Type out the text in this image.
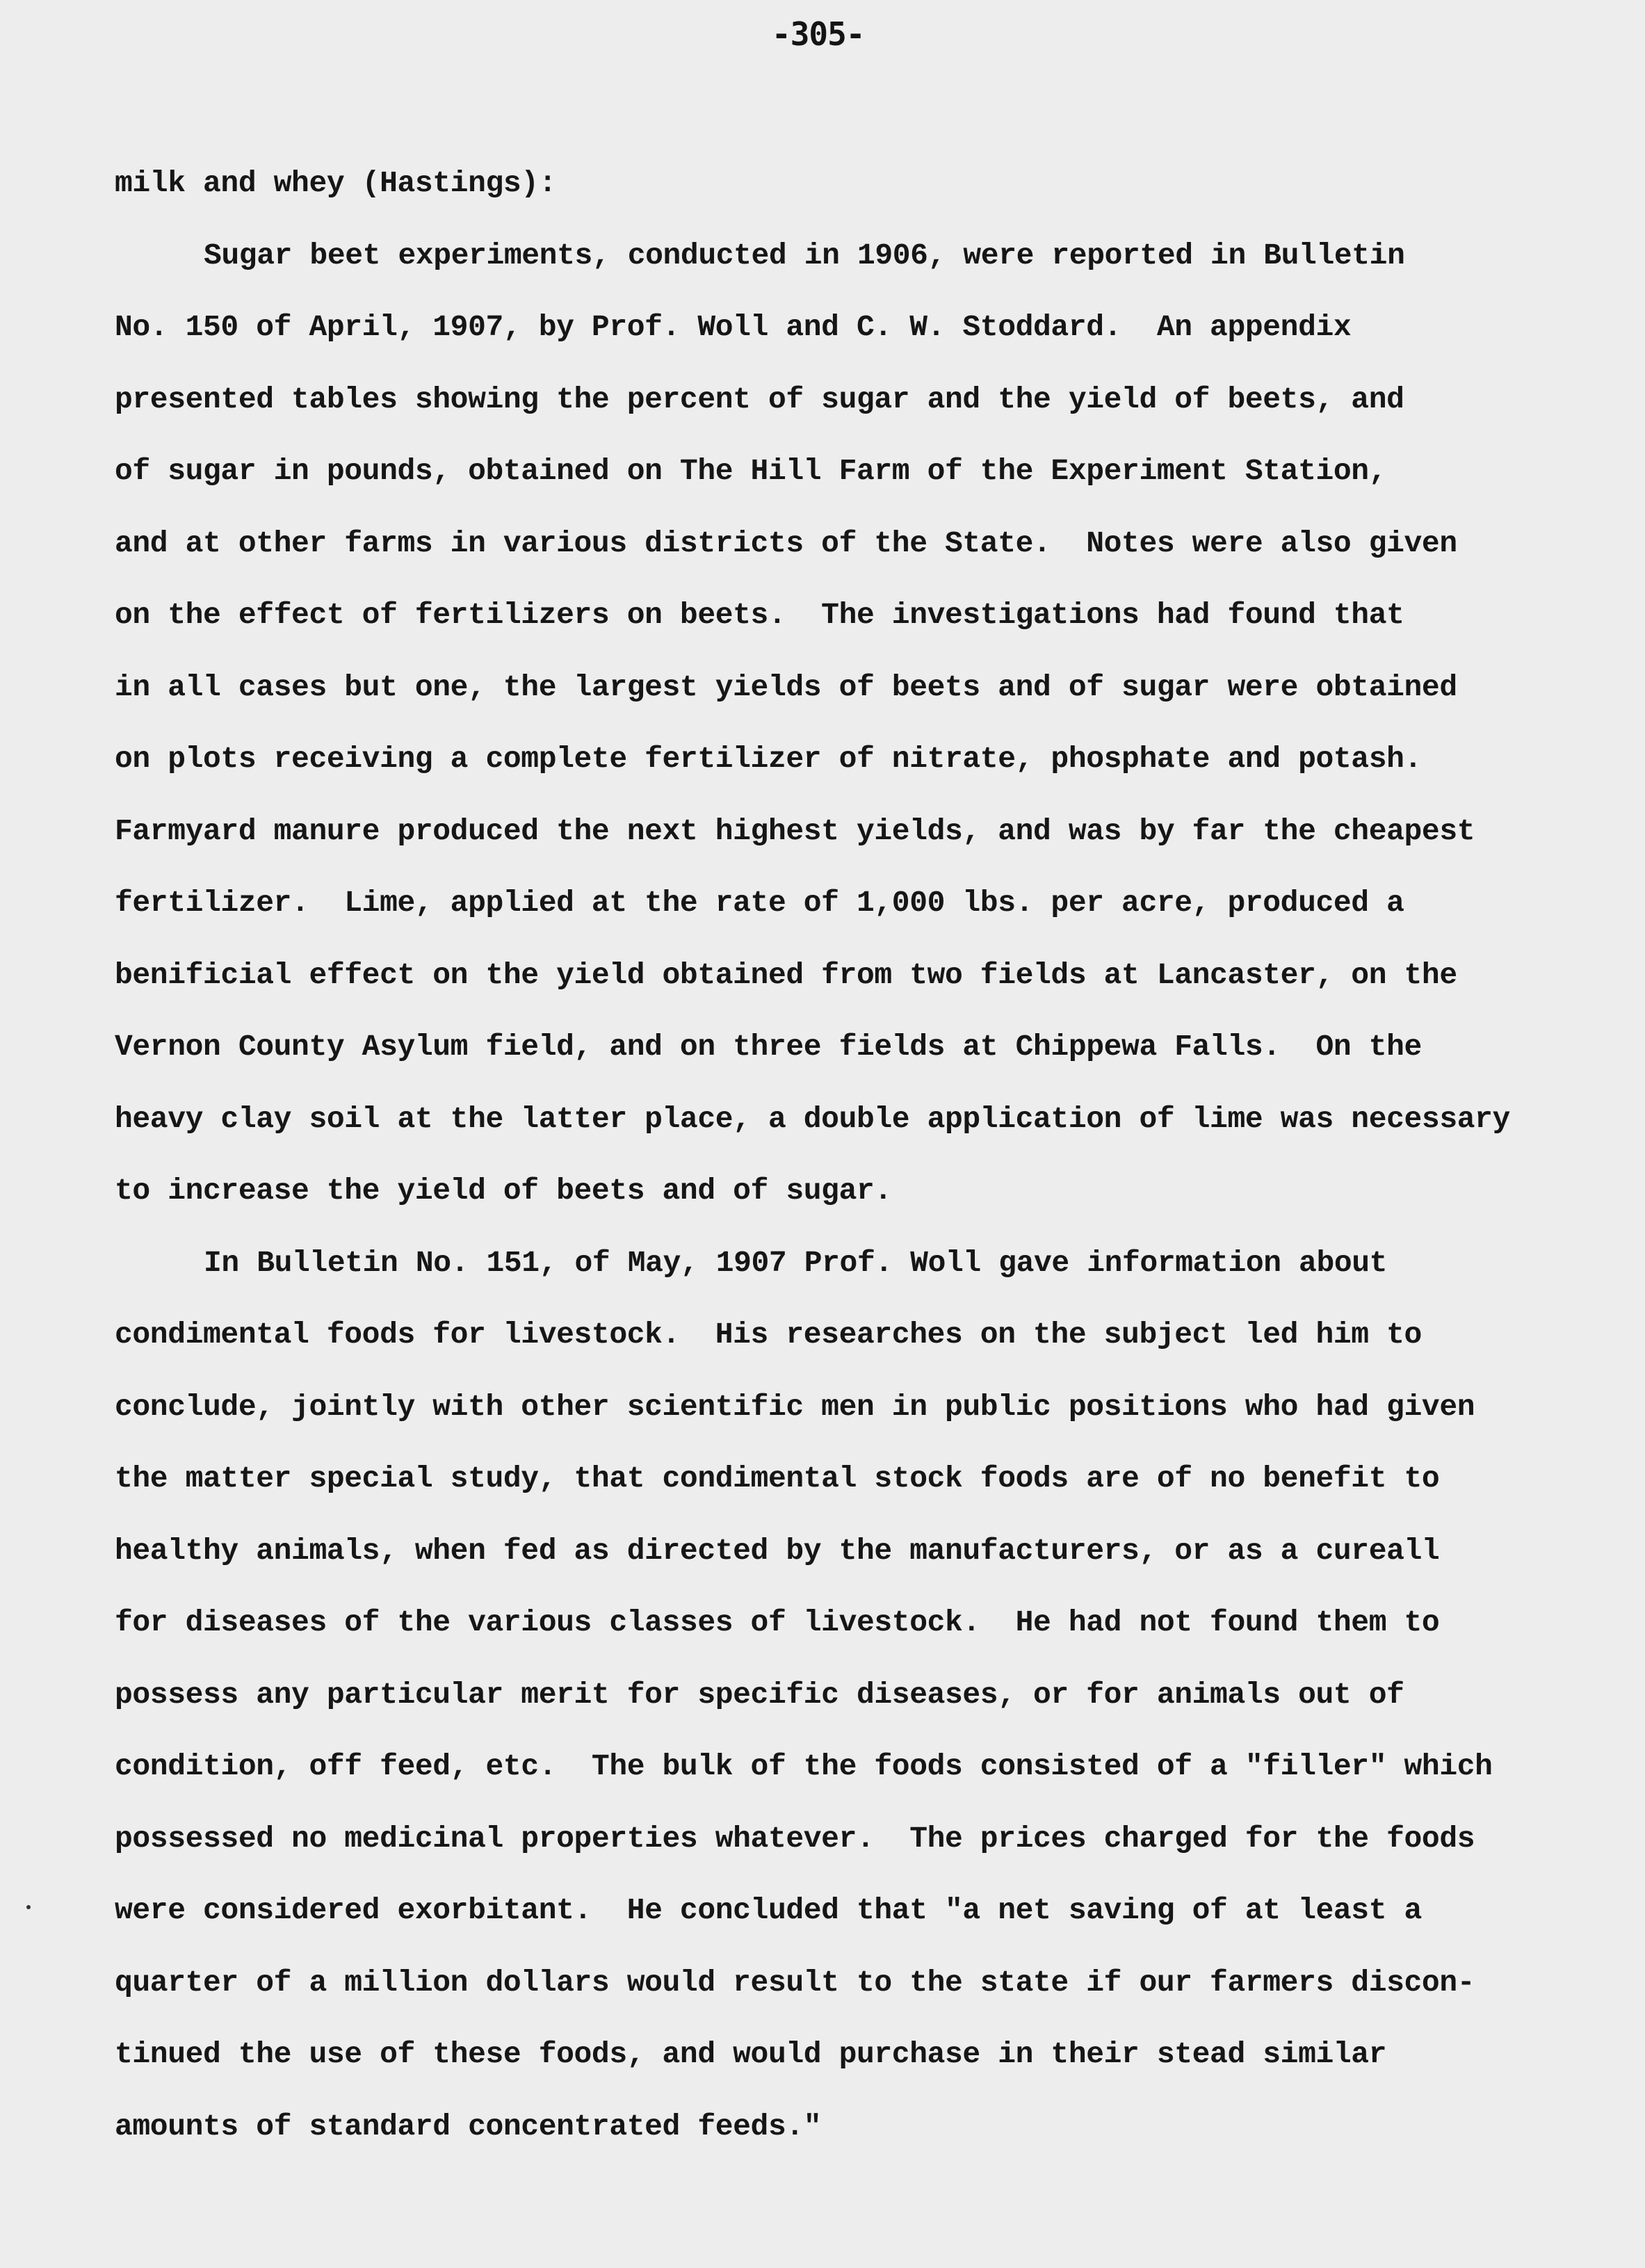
-305-
milk and whey (Hastings):
Sugar beet experiments, conducted in 1906, were reported in Bulletin
No. 150 of April, 1907, by Prof. Woll and C. W. Stoddard.  An appendix
presented tables showing the percent of sugar and the yield of beets, and
of sugar in pounds, obtained on The Hill Farm of the Experiment Station,
and at other farms in various districts of the State.  Notes were also given
on the effect of fertilizers on beets.  The investigations had found that
in all cases but one, the largest yields of beets and of sugar were obtained
on plots receiving a complete fertilizer of nitrate, phosphate and potash.
Farmyard manure produced the next highest yields, and was by far the cheapest
fertilizer.  Lime, applied at the rate of 1,000 lbs. per acre, produced a
benificial effect on the yield obtained from two fields at Lancaster, on the
Vernon County Asylum field, and on three fields at Chippewa Falls.  On the
heavy clay soil at the latter place, a double application of lime was necessary
to increase the yield of beets and of sugar.
In Bulletin No. 151, of May, 1907 Prof. Woll gave information about
condimental foods for livestock.  His researches on the subject led him to
conclude, jointly with other scientific men in public positions who had given
the matter special study, that condimental stock foods are of no benefit to
healthy animals, when fed as directed by the manufacturers, or as a cureall
for diseases of the various classes of livestock.  He had not found them to
possess any particular merit for specific diseases, or for animals out of
condition, off feed, etc.  The bulk of the foods consisted of a "filler" which
possessed no medicinal properties whatever.  The prices charged for the foods
were considered exorbitant.  He concluded that "a net saving of at least a
quarter of a million dollars would result to the state if our farmers discon-
tinued the use of these foods, and would purchase in their stead similar
amounts of standard concentrated feeds."
